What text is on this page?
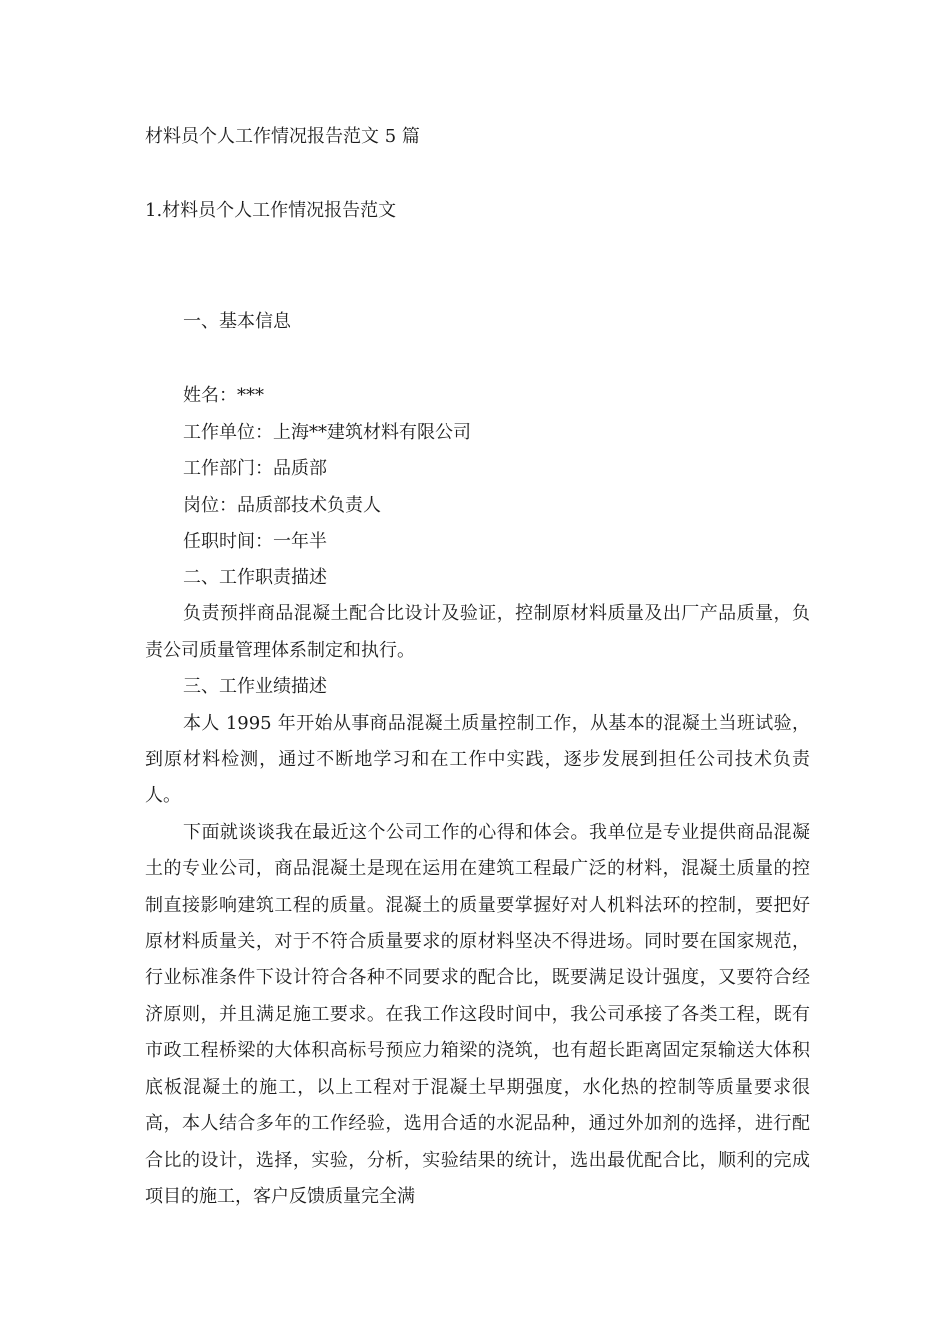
材料员个人工作情况报告范文 5 篇
1.材料员个人工作情况报告范文
一、基本信息
姓名：***
工作单位：上海**建筑材料有限公司
工作部门：品质部
岗位：品质部技术负责人
任职时间：一年半
二、工作职责描述

负责预拌商品混凝土配合比设计及验证，控制原材料质量及出厂产品质量，负责公司质量管理体系制定和执行。

三、工作业绩描述

本人 1995 年开始从事商品混凝土质量控制工作，从基本的混凝土当班试验，到原材料检测，通过不断地学习和在工作中实践，逐步发展到担任公司技术负责人。

下面就谈谈我在最近这个公司工作的心得和体会。我单位是专业提供商品混凝土的专业公司，商品混凝土是现在运用在建筑工程最广泛的材料，混凝土质量的控制直接影响建筑工程的质量。混凝土的质量要掌握好对人机料法环的控制，要把好原材料质量关，对于不符合质量要求的原材料坚决不得进场。同时要在国家规范，行业标准条件下设计符合各种不同要求的配合比，既要满足设计强度，又要符合经济原则，并且满足施工要求。在我工作这段时间中，我公司承接了各类工程，既有市政工程桥梁的大体积高标号预应力箱梁的浇筑，也有超长距离固定泵输送大体积底板混凝土的施工，以上工程对于混凝土早期强度，水化热的控制等质量要求很高，本人结合多年的工作经验，选用合适的水泥品种，通过外加剂的选择，进行配合比的设计，选择，实验，分析，实验结果的统计，选出最优配合比，顺利的完成项目的施工，客户反馈质量完全满
